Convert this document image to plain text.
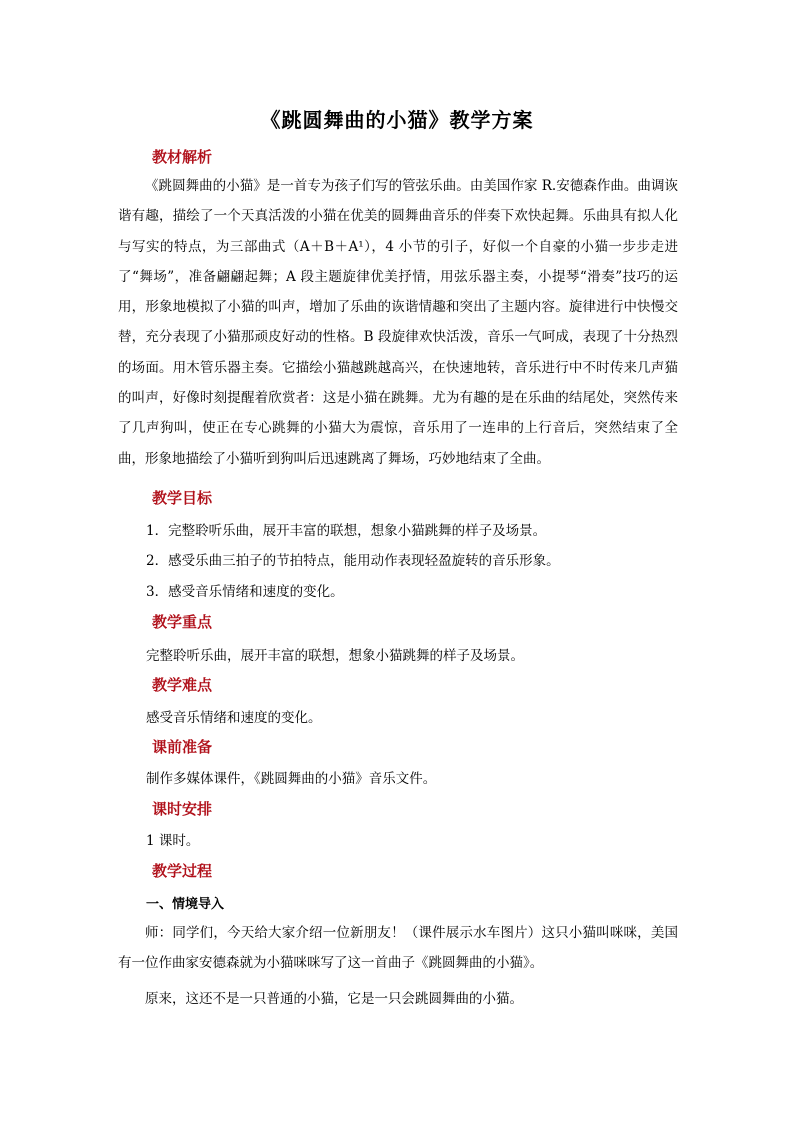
《跳圆舞曲的小猫》教学方案
教材解析
《跳圆舞曲的小猫》是一首专为孩子们写的管弦乐曲。由美国作家 R.安德森作曲。曲调诙谐有趣，描绘了一个天真活泼的小猫在优美的圆舞曲音乐的伴奏下欢快起舞。乐曲具有拟人化与写实的特点，为三部曲式（A＋B＋A¹），4 小节的引子，好似一个自豪的小猫一步步走进了“舞场”，准备翩翩起舞；A 段主题旋律优美抒情，用弦乐器主奏，小提琴“滑奏”技巧的运用，形象地模拟了小猫的叫声，增加了乐曲的诙谐情趣和突出了主题内容。旋律进行中快慢交替，充分表现了小猫那顽皮好动的性格。B 段旋律欢快活泼，音乐一气呵成，表现了十分热烈的场面。用木管乐器主奏。它描绘小猫越跳越高兴，在快速地转，音乐进行中不时传来几声猫的叫声，好像时刻提醒着欣赏者：这是小猫在跳舞。尤为有趣的是在乐曲的结尾处，突然传来了几声狗叫，使正在专心跳舞的小猫大为震惊，音乐用了一连串的上行音后，突然结束了全曲，形象地描绘了小猫听到狗叫后迅速跳离了舞场，巧妙地结束了全曲。
教学目标
1．完整聆听乐曲，展开丰富的联想，想象小猫跳舞的样子及场景。
2．感受乐曲三拍子的节拍特点，能用动作表现轻盈旋转的音乐形象。
3．感受音乐情绪和速度的变化。
教学重点
完整聆听乐曲，展开丰富的联想，想象小猫跳舞的样子及场景。
教学难点
感受音乐情绪和速度的变化。
课前准备
制作多媒体课件，《跳圆舞曲的小猫》音乐文件。
课时安排
1 课时。
教学过程
一、情境导入
师：同学们，今天给大家介绍一位新朋友！（课件展示水车图片）这只小猫叫咪咪，美国有一位作曲家安德森就为小猫咪咪写了这一首曲子《跳圆舞曲的小猫》。
原来，这还不是一只普通的小猫，它是一只会跳圆舞曲的小猫。
